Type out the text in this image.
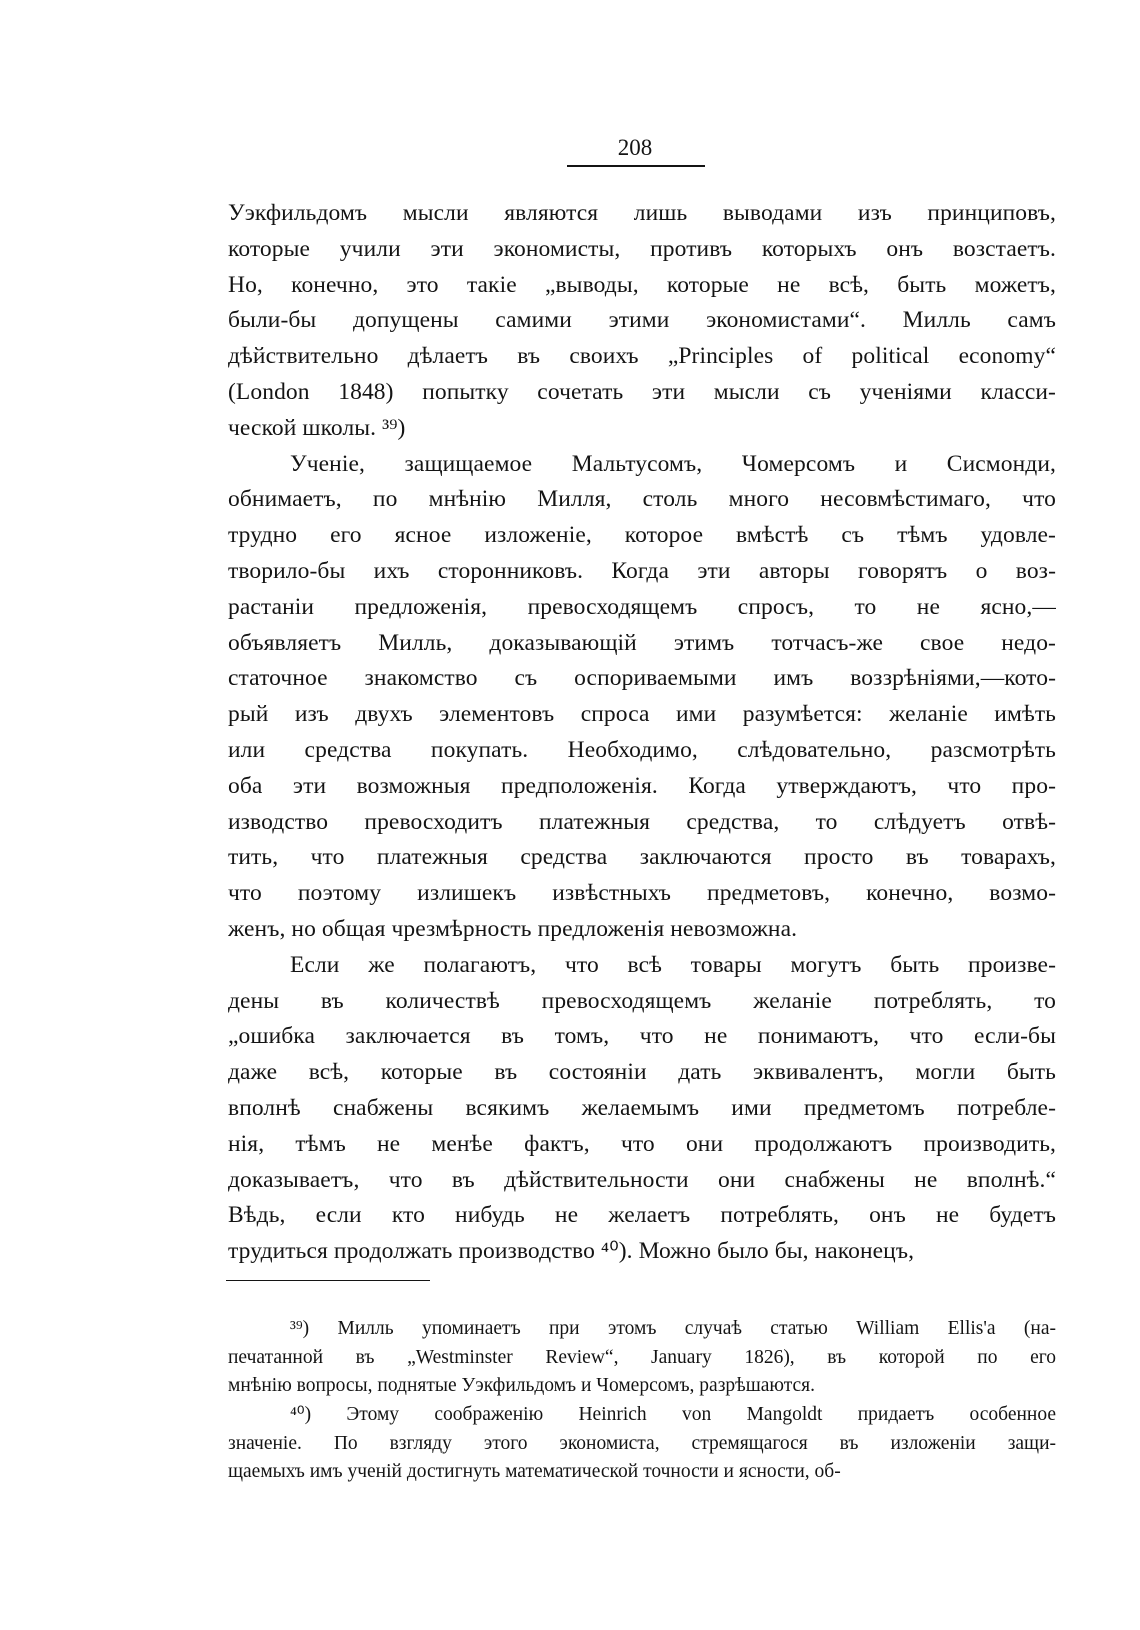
208
Уэкфильдомъ мысли являются лишь выводами изъ принциповъ,
которые учили эти экономисты, противъ которыхъ онъ возстаетъ.
Но, конечно, это такіе „выводы, которые не всѣ, быть можетъ,
были-бы допущены самими этими экономистами“. Милль самъ
дѣйствительно дѣлаетъ въ своихъ „Principles of political economy“
(London 1848) попытку сочетать эти мысли съ ученіями класси-
ческой школы. ³⁹)
Ученіе, защищаемое Мальтусомъ, Чомерсомъ и Сисмонди,
обнимаетъ, по мнѣнію Милля, столь много несовмѣстимаго, что
трудно его ясное изложеніе, которое вмѣстѣ съ тѣмъ удовле-
творило-бы ихъ сторонниковъ. Когда эти авторы говорятъ о воз-
растаніи предложенія, превосходящемъ спросъ, то не ясно,—
объявляетъ Милль, доказывающій этимъ тотчасъ-же свое недо-
статочное знакомство съ оспориваемыми имъ воззрѣніями,—кото-
рый изъ двухъ элементовъ спроса ими разумѣется: желаніе имѣть
или средства покупать. Необходимо, слѣдовательно, разсмотрѣть
оба эти возможныя предположенія. Когда утверждаютъ, что про-
изводство превосходитъ платежныя средства, то слѣдуетъ отвѣ-
тить, что платежныя средства заключаются просто въ товарахъ,
что поэтому излишекъ извѣстныхъ предметовъ, конечно, возмо-
женъ, но общая чрезмѣрность предложенія невозможна.
Если же полагаютъ, что всѣ товары могутъ быть произве-
дены въ количествѣ превосходящемъ желаніе потреблять, то
„ошибка заключается въ томъ, что не понимаютъ, что если-бы
даже всѣ, которые въ состояніи дать эквивалентъ, могли быть
вполнѣ снабжены всякимъ желаемымъ ими предметомъ потребле-
нія, тѣмъ не менѣе фактъ, что они продолжаютъ производить,
доказываетъ, что въ дѣйствительности они снабжены не вполнѣ.“
Вѣдь, если кто нибудь не желаетъ потреблять, онъ не будетъ
трудиться продолжать производство ⁴⁰). Можно было бы, наконецъ,
³⁹) Милль упоминаетъ при этомъ случаѣ статью William Ellis'а (на-
печатанной въ „Westminster Review“, January 1826), въ которой по его
мнѣнію вопросы, поднятые Уэкфильдомъ и Чомерсомъ, разрѣшаются.
⁴⁰) Этому соображенію Heinrich von Mangoldt придаетъ особенное
значеніе. По взгляду этого экономиста, стремящагося въ изложеніи защи-
щаемыхъ имъ ученій достигнуть математической точности и ясности, об-
